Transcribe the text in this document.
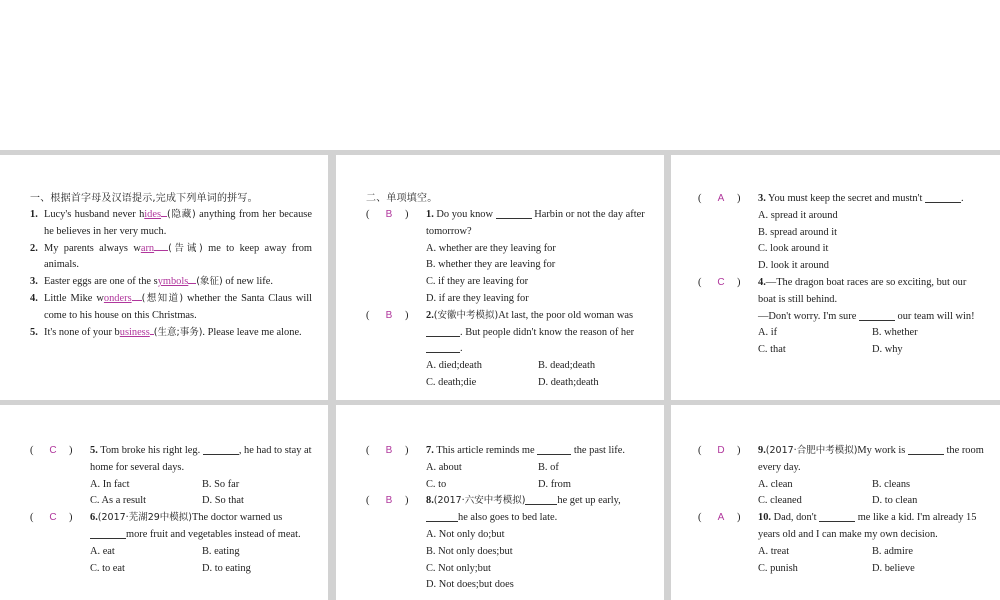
一、根据首字母及汉语提示,完成下列单词的拼写。
1. Lucy's husband never hides (隐藏) anything from her because he believes in her very much.
2. My parents always warn (告诫) me to keep away from animals.
3. Easter eggs are one of the symbols (象征) of new life.
4. Little Mike wonders (想知道) whether the Santa Claus will come to his house on this Christmas.
5. It's none of your business (生意;事务). Please leave me alone.
二、单项填空。
( B ) 1. Do you know	Harbin or not the day after tomorrow?
A. whether are they leaving for
B. whether they are leaving for
C. if they are leaving for
D. if are they leaving for
( B ) 2.(安徽中考模拟)At last, the poor old woman was . But people didn't know the reason of her .
A. died;death	B. dead;death
C. death;die	D. death;death
( A ) 3. You must keep the secret and mustn't	.
A. spread it around
B. spread around it
C. look around it
D. look it around
( C ) 4.—The dragon boat races are so exciting, but our boat is still behind.
—Don't worry. I'm sure	our team will win!
A. if	B. whether
C. that	D. why
( C ) 5. Tom broke his right leg.	, he had to stay at home for several days.
A. In fact	B. So far
C. As a result	D. So that
( C ) 6.(2017·芜湖29中模拟)The doctor warned us more fruit and vegetables instead of meat.
A. eat	B. eating
C. to eat	D. to eating
( B ) 7. This article reminds me	the past life.
A. about	B. of
C. to	D. from
( B ) 8.(2017·六安中考模拟)	he get up early,he also goes to bed late.
A. Not only do;but
B. Not only does;but
C. Not only;but
D. Not does;but does
( D ) 9.(2017·合肥中考模拟)My work is	the room every day.
A. clean	B. cleans
C. cleaned	D. to clean
( A ) 10. Dad, don't	me like a kid. I'm already 15 years old and I can make my own decision.
A. treat	B. admire
C. punish	D. believe
